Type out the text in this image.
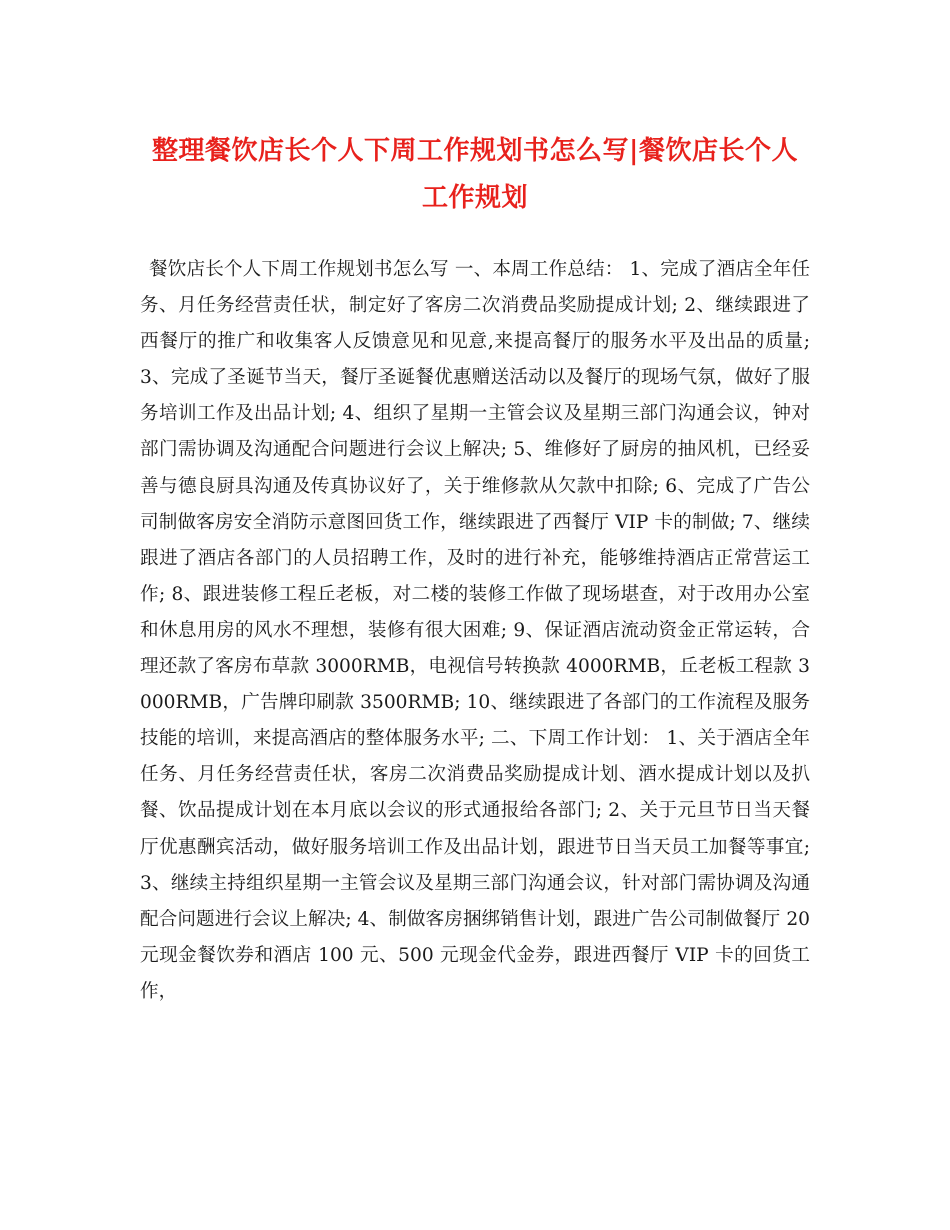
整理餐饮店长个人下周工作规划书怎么写|餐饮店长个人工作规划

餐饮店长个人下周工作规划书怎么写 一、本周工作总结： 1、完成了酒店全年任务、月任务经营责任状，制定好了客房二次消费品奖励提成计划; 2、继续跟进了西餐厅的推广和收集客人反馈意见和见意,来提高餐厅的服务水平及出品的质量; 3、完成了圣诞节当天，餐厅圣诞餐优惠赠送活动以及餐厅的现场气氛，做好了服务培训工作及出品计划; 4、组织了星期一主管会议及星期三部门沟通会议，钟对部门需协调及沟通配合问题进行会议上解决; 5、维修好了厨房的抽风机，已经妥善与德良厨具沟通及传真协议好了，关于维修款从欠款中扣除; 6、完成了广告公司制做客房安全消防示意图回货工作，继续跟进了西餐厅 VIP 卡的制做; 7、继续跟进了酒店各部门的人员招聘工作，及时的进行补充，能够维持酒店正常营运工作; 8、跟进装修工程丘老板，对二楼的装修工作做了现场堪查，对于改用办公室和休息用房的风水不理想，装修有很大困难; 9、保证酒店流动资金正常运转，合理还款了客房布草款 3000RMB，电视信号转换款 4000RMB，丘老板工程款 3000RMB，广告牌印刷款 3500RMB; 10、继续跟进了各部门的工作流程及服务技能的培训，来提高酒店的整体服务水平; 二、下周工作计划： 1、关于酒店全年任务、月任务经营责任状，客房二次消费品奖励提成计划、酒水提成计划以及扒餐、饮品提成计划在本月底以会议的形式通报给各部门; 2、关于元旦节日当天餐厅优惠酬宾活动，做好服务培训工作及出品计划，跟进节日当天员工加餐等事宜; 3、继续主持组织星期一主管会议及星期三部门沟通会议，针对部门需协调及沟通配合问题进行会议上解决; 4、制做客房捆绑销售计划，跟进广告公司制做餐厅 20 元现金餐饮券和酒店 100 元、500 元现金代金券，跟进西餐厅 VIP 卡的回货工作，
